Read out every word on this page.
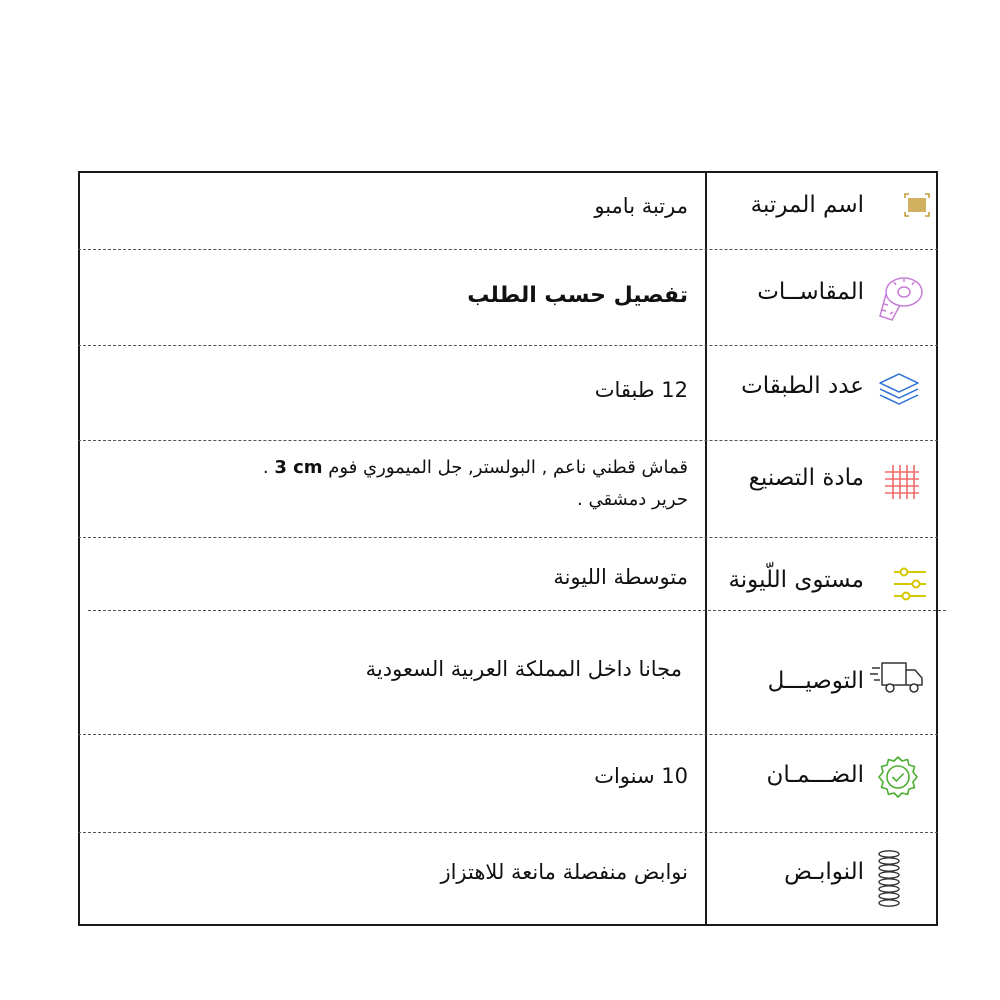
اسم المرتبة
مرتبة بامبو
المقاســات
تفصيل حسب الطلب
عدد الطبقات
12 طبقات
مادة التصنيع
قماش قطني ناعم , البولستر, جل الميموري فوم 3 cm .
حرير دمشقي .
مستوى اللّيونة
متوسطة الليونة
التوصيـــل
مجانا داخل المملكة العربية السعودية
الضـــمـان
10 سنوات
النوابـض
نوابض منفصلة مانعة للاهتزاز
